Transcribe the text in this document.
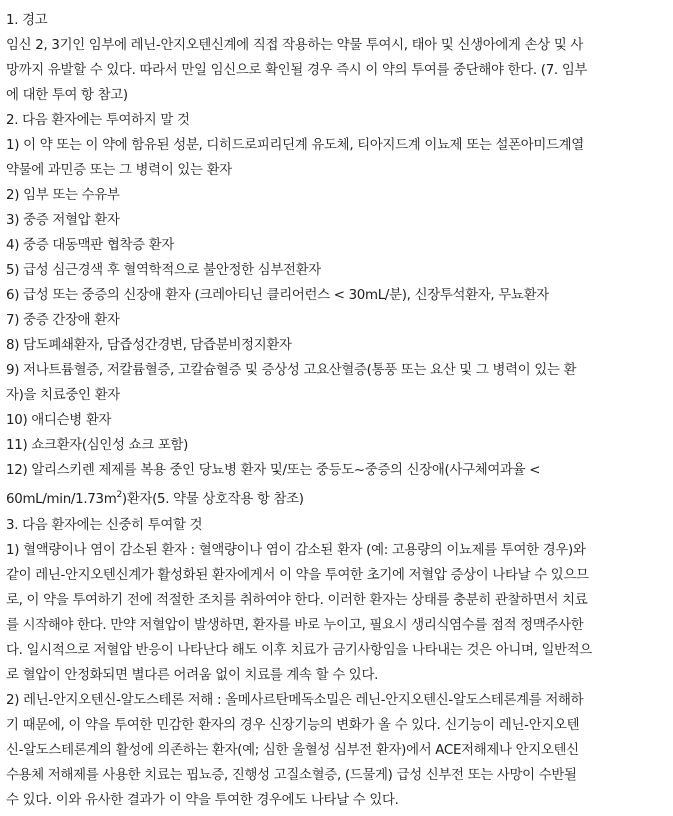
1. 경고
임신 2, 3기인 임부에 레닌-안지오텐신계에 직접 작용하는 약물 투여시, 태아 및 신생아에게 손상 및 사
망까지 유발할 수 있다. 따라서 만일 임신으로 확인될 경우 즉시 이 약의 투여를 중단해야 한다. (7. 임부
에 대한 투여 항 참고)
2. 다음 환자에는 투여하지 말 것
1) 이 약 또는 이 약에 함유된 성분, 디히드로피리딘계 유도체, 티아지드계 이뇨제 또는 설폰아미드계열
약물에 과민증 또는 그 병력이 있는 환자
2) 임부 또는 수유부
3) 중증 저혈압 환자
4) 중증 대동맥판 협착증 환자
5) 급성 심근경색 후 혈역학적으로 불안정한 심부전환자
6) 급성 또는 중증의 신장애 환자 (크레아티닌 클리어런스 < 30mL/분), 신장투석환자, 무뇨환자
7) 중증 간장애 환자
8) 담도폐쇄환자, 담즙성간경변, 담즙분비정지환자
9) 저나트륨혈증, 저칼륨혈증, 고칼슘혈증 및 증상성 고요산혈증(통풍 또는 요산 및 그 병력이 있는 환
자)을 치료중인 환자
10) 애디슨병 환자
11) 쇼크환자(심인성 쇼크 포함)
12) 알리스키렌 제제를 복용 중인 당뇨병 환자 및/또는 중등도~중증의 신장애(사구체여과율 <
$60mL/\min/1.73m^2$)환자(5. 약물 상호작용 항 참조)
3. 다음 환자에는 신중히 투여할 것
1) 혈액량이나 염이 감소된 환자 : 혈액량이나 염이 감소된 환자 (예: 고용량의 이뇨제를 투여한 경우)와
같이 레닌-안지오텐신계가 활성화된 환자에게서 이 약을 투여한 초기에 저혈압 증상이 나타날 수 있으므
로, 이 약을 투여하기 전에 적절한 조치를 취하여야 한다. 이러한 환자는 상태를 충분히 관찰하면서 치료
를 시작해야 한다. 만약 저혈압이 발생하면, 환자를 바로 누이고, 필요시 생리식염수를 점적 정맥주사한
다. 일시적으로 저혈압 반응이 나타난다 해도 이후 치료가 금기사항임을 나타내는 것은 아니며, 일반적으
로 혈압이 안정화되면 별다른 어려움 없이 치료를 계속 할 수 있다.
2) 레닌-안지오텐신-알도스테론 저해 : 올메사르탄메독소밀은 레닌-안지오텐신-알도스테론계를 저해하
기 때문에, 이 약을 투여한 민감한 환자의 경우 신장기능의 변화가 올 수 있다. 신기능이 레닌-안지오텐
신-알도스테론계의 활성에 의존하는 환자(예; 심한 울혈성 심부전 환자)에서 ACE저해제나 안지오텐신
수용체 저해제를 사용한 치료는 핍뇨증, 진행성 고질소혈증, (드물게) 급성 신부전 또는 사망이 수반될
수 있다. 이와 유사한 결과가 이 약을 투여한 경우에도 나타날 수 있다.
